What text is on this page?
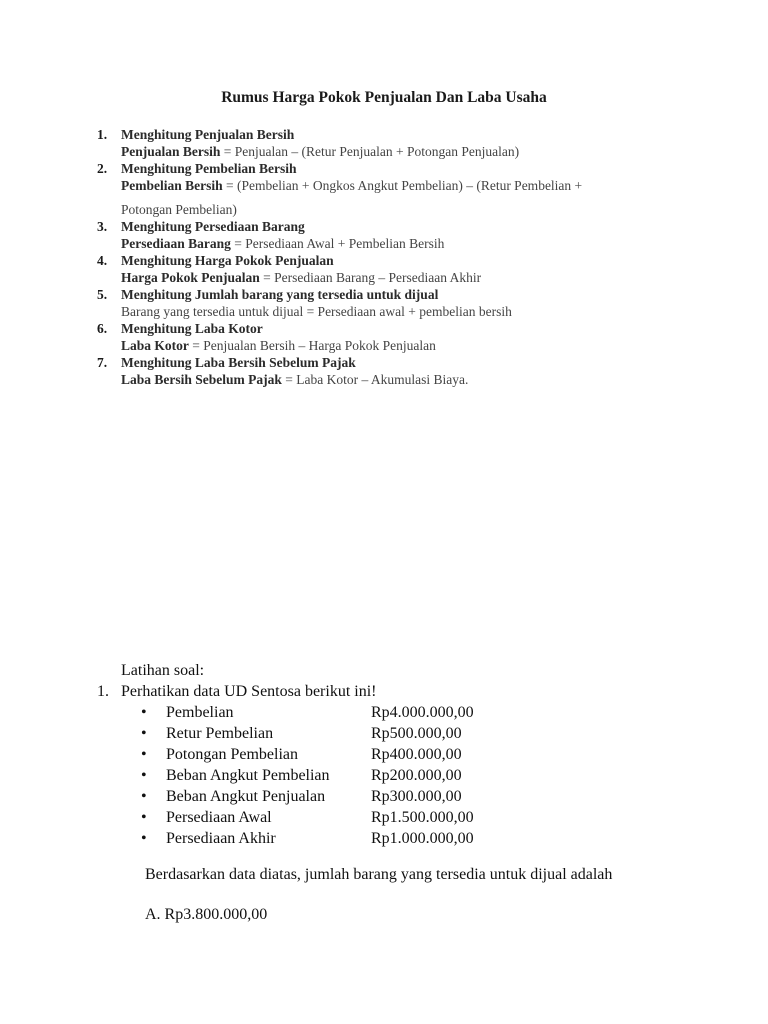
Rumus Harga Pokok Penjualan Dan Laba Usaha
1.	Menghitung Penjualan Bersih
Penjualan Bersih = Penjualan – (Retur Penjualan + Potongan Penjualan)
2.	Menghitung Pembelian Bersih
Pembelian Bersih = (Pembelian + Ongkos Angkut Pembelian) – (Retur Pembelian +
Potongan Pembelian)
3.	Menghitung Persediaan Barang
Persediaan Barang = Persediaan Awal + Pembelian Bersih
4.	Menghitung Harga Pokok Penjualan
Harga Pokok Penjualan = Persediaan Barang – Persediaan Akhir
5.	Menghitung Jumlah barang yang tersedia untuk dijual
Barang yang tersedia untuk dijual = Persediaan awal + pembelian bersih
6.	Menghitung Laba Kotor
Laba Kotor = Penjualan Bersih – Harga Pokok Penjualan
7.	Menghitung Laba Bersih Sebelum Pajak
Laba Bersih Sebelum Pajak = Laba Kotor – Akumulasi Biaya.
Latihan soal:
1. Perhatikan data UD Sentosa berikut ini!
• Pembelian	Rp4.000.000,00
• Retur Pembelian	Rp500.000,00
• Potongan Pembelian	Rp400.000,00
• Beban Angkut Pembelian	Rp200.000,00
• Beban Angkut Penjualan	Rp300.000,00
• Persediaan Awal	Rp1.500.000,00
• Persediaan Akhir	Rp1.000.000,00
Berdasarkan data diatas, jumlah barang yang tersedia untuk dijual adalah
A. Rp3.800.000,00
